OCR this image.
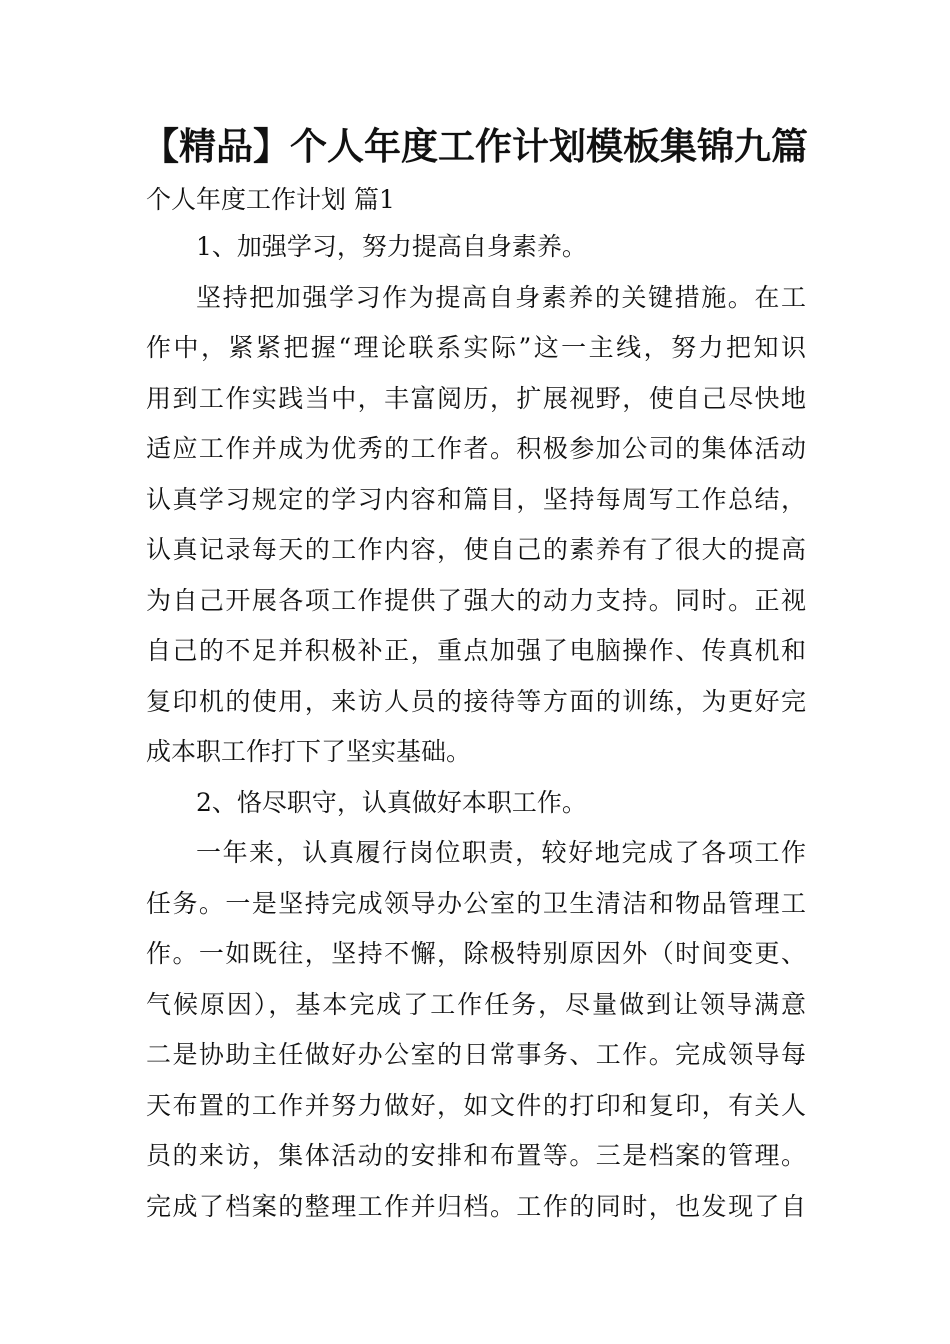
【精品】个人年度工作计划模板集锦九篇
个人年度工作计划 篇1
1、加强学习，努力提高自身素养。
坚持把加强学习作为提高自身素养的关键措施。在工
作中，紧紧把握“理论联系实际”这一主线，努力把知识
用到工作实践当中，丰富阅历，扩展视野，使自己尽快地
适应工作并成为优秀的工作者。积极参加公司的集体活动
认真学习规定的学习内容和篇目，坚持每周写工作总结，
认真记录每天的工作内容，使自己的素养有了很大的提高
为自己开展各项工作提供了强大的动力支持。同时。正视
自己的不足并积极补正，重点加强了电脑操作、传真机和
复印机的使用，来访人员的接待等方面的训练，为更好完
成本职工作打下了坚实基础。
2、恪尽职守，认真做好本职工作。
一年来，认真履行岗位职责，较好地完成了各项工作
任务。一是坚持完成领导办公室的卫生清洁和物品管理工
作。一如既往，坚持不懈，除极特别原因外（时间变更、
气候原因），基本完成了工作任务，尽量做到让领导满意
二是协助主任做好办公室的日常事务、工作。完成领导每
天布置的工作并努力做好，如文件的打印和复印，有关人
员的来访，集体活动的安排和布置等。三是档案的管理。
完成了档案的整理工作并归档。工作的同时，也发现了自
